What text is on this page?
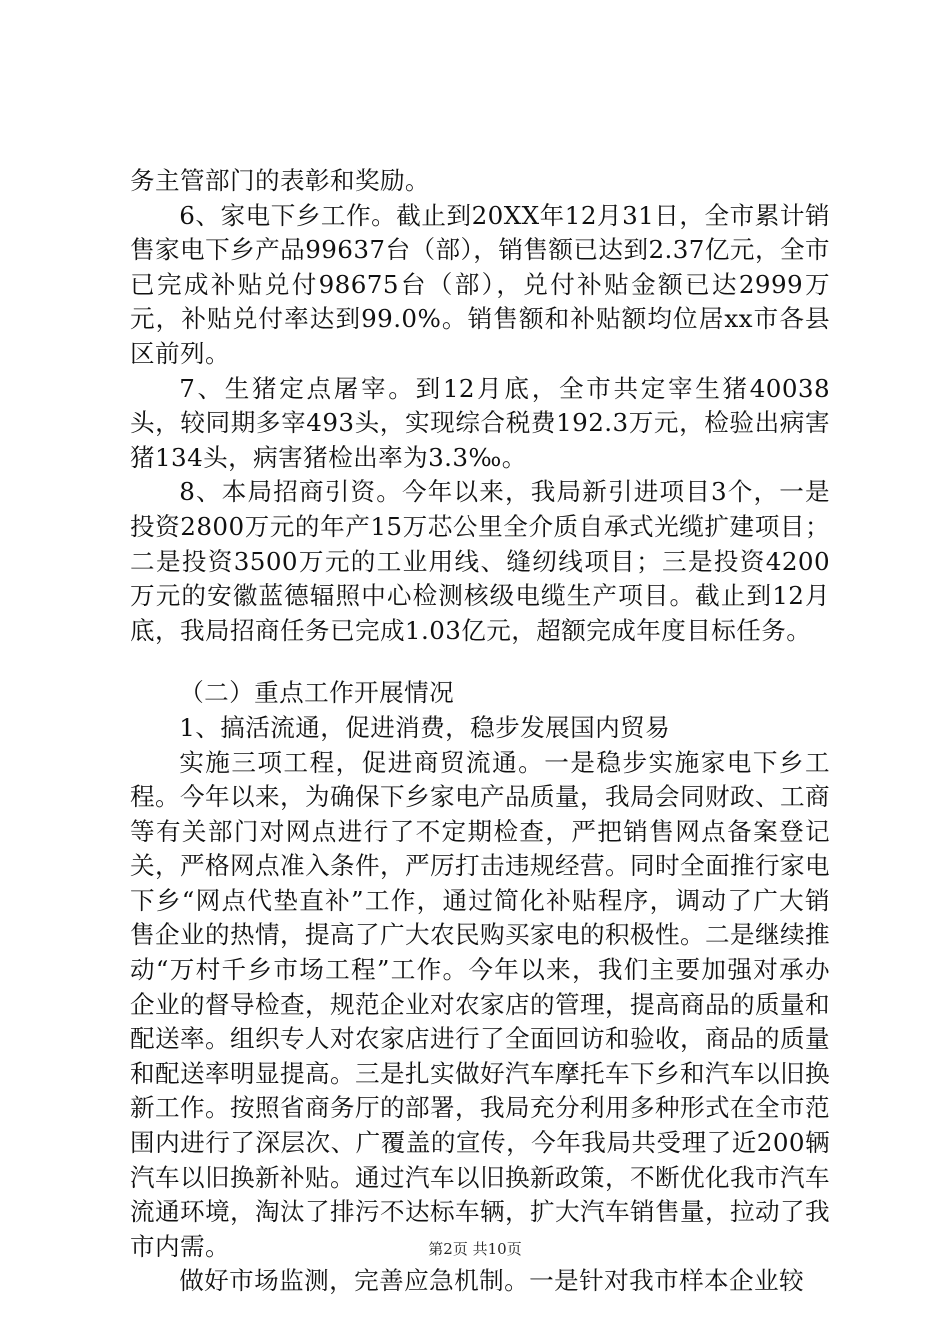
务主管部门的表彰和奖励。

6、家电下乡工作。截止到20XX年12月31日，全市累计销售家电下乡产品99637台（部），销售额已达到2.37亿元，全市已完成补贴兑付98675台（部），兑付补贴金额已达2999万元，补贴兑付率达到99.0%。销售额和补贴额均位居xx市各县区前列。

7、生猪定点屠宰。到12月底，全市共定宰生猪40038头，较同期多宰493头，实现综合税费192.3万元，检验出病害猪134头，病害猪检出率为3.3‰。

8、本局招商引资。今年以来，我局新引进项目3个，一是投资2800万元的年产15万芯公里全介质自承式光缆扩建项目；二是投资3500万元的工业用线、缝纫线项目；三是投资4200万元的安徽蓝德辐照中心检测核级电缆生产项目。截止到12月底，我局招商任务已完成1.03亿元，超额完成年度目标任务。

（二）重点工作开展情况

1、搞活流通，促进消费，稳步发展国内贸易

实施三项工程，促进商贸流通。一是稳步实施家电下乡工程。今年以来，为确保下乡家电产品质量，我局会同财政、工商等有关部门对网点进行了不定期检查，严把销售网点备案登记关，严格网点准入条件，严厉打击违规经营。同时全面推行家电下乡“网点代垫直补”工作，通过简化补贴程序，调动了广大销售企业的热情，提高了广大农民购买家电的积极性。二是继续推动“万村千乡市场工程”工作。今年以来，我们主要加强对承办企业的督导检查，规范企业对农家店的管理，提高商品的质量和配送率。组织专人对农家店进行了全面回访和验收，商品的质量和配送率明显提高。三是扎实做好汽车摩托车下乡和汽车以旧换新工作。按照省商务厅的部署，我局充分利用多种形式在全市范围内进行了深层次、广覆盖的宣传，今年我局共受理了近200辆汽车以旧换新补贴。通过汽车以旧换新政策，不断优化我市汽车流通环境，淘汰了排污不达标车辆，扩大汽车销售量，拉动了我市内需。

做好市场监测，完善应急机制。一是针对我市样本企业较

第2页 共10页
